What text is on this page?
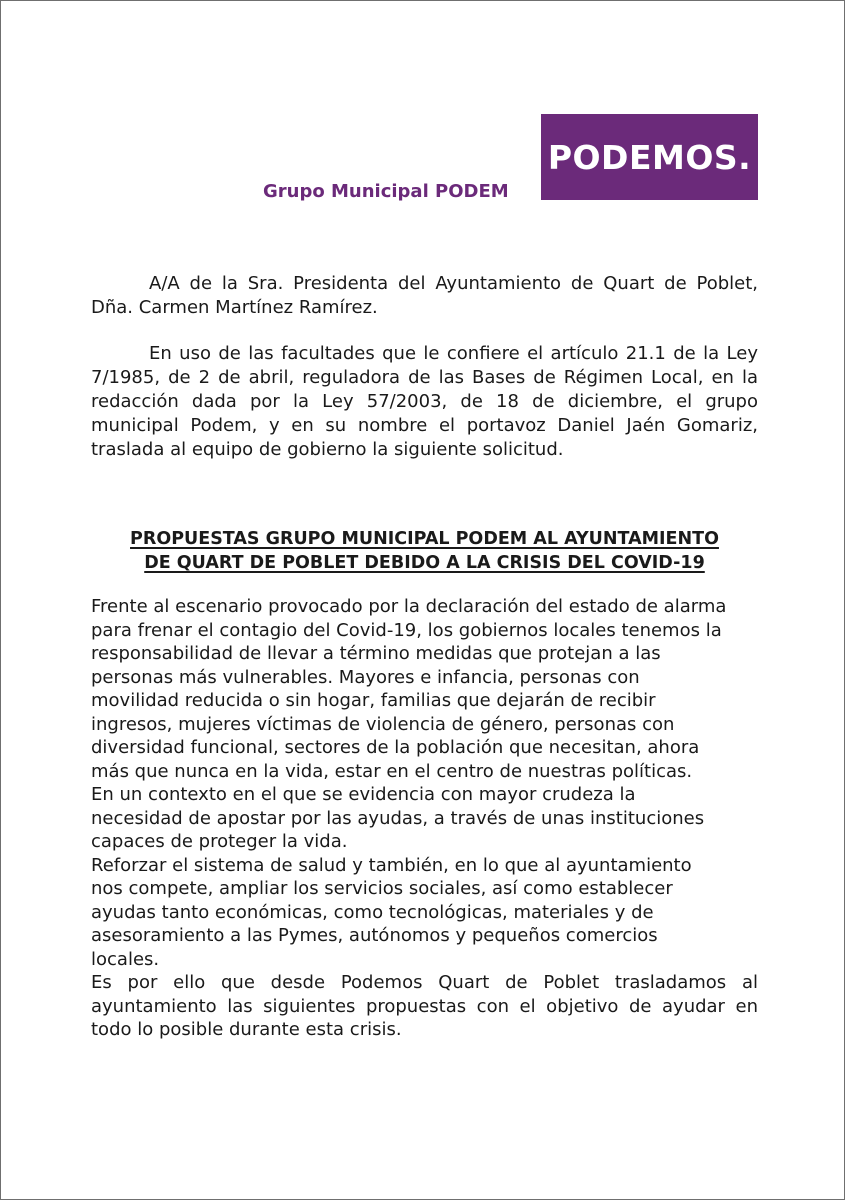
PODEMOS.
Grupo Municipal PODEM
A/A de la Sra. Presidenta del Ayuntamiento de Quart de Poblet, Dña. Carmen Martínez Ramírez.
En uso de las facultades que le confiere el artículo 21.1 de la Ley 7/1985, de 2 de abril, reguladora de las Bases de Régimen Local, en la redacción dada por la Ley 57/2003, de 18 de diciembre, el grupo municipal Podem, y en su nombre el portavoz Daniel Jaén Gomariz, traslada al equipo de gobierno la siguiente solicitud.
PROPUESTAS GRUPO MUNICIPAL PODEM AL AYUNTAMIENTO
DE QUART DE POBLET DEBIDO A LA CRISIS DEL COVID-19

Frente al escenario provocado por la declaración del estado de alarma
para frenar el contagio del Covid-19, los gobiernos locales tenemos la
responsabilidad de llevar a término medidas que protejan a las
personas más vulnerables. Mayores e infancia, personas con
movilidad reducida o sin hogar, familias que dejarán de recibir
ingresos, mujeres víctimas de violencia de género, personas con
diversidad funcional, sectores de la población que necesitan, ahora
más que nunca en la vida, estar en el centro de nuestras políticas.

En un contexto en el que se evidencia con mayor crudeza la
necesidad de apostar por las ayudas, a través de unas instituciones
capaces de proteger la vida.

Reforzar el sistema de salud y también, en lo que al ayuntamiento
nos compete, ampliar los servicios sociales, así como establecer
ayudas tanto económicas, como tecnológicas, materiales y de
asesoramiento a las Pymes, autónomos y pequeños comercios
locales.

Es por ello que desde Podemos Quart de Poblet trasladamos al ayuntamiento las siguientes propuestas con el objetivo de ayudar en todo lo posible durante esta crisis.
